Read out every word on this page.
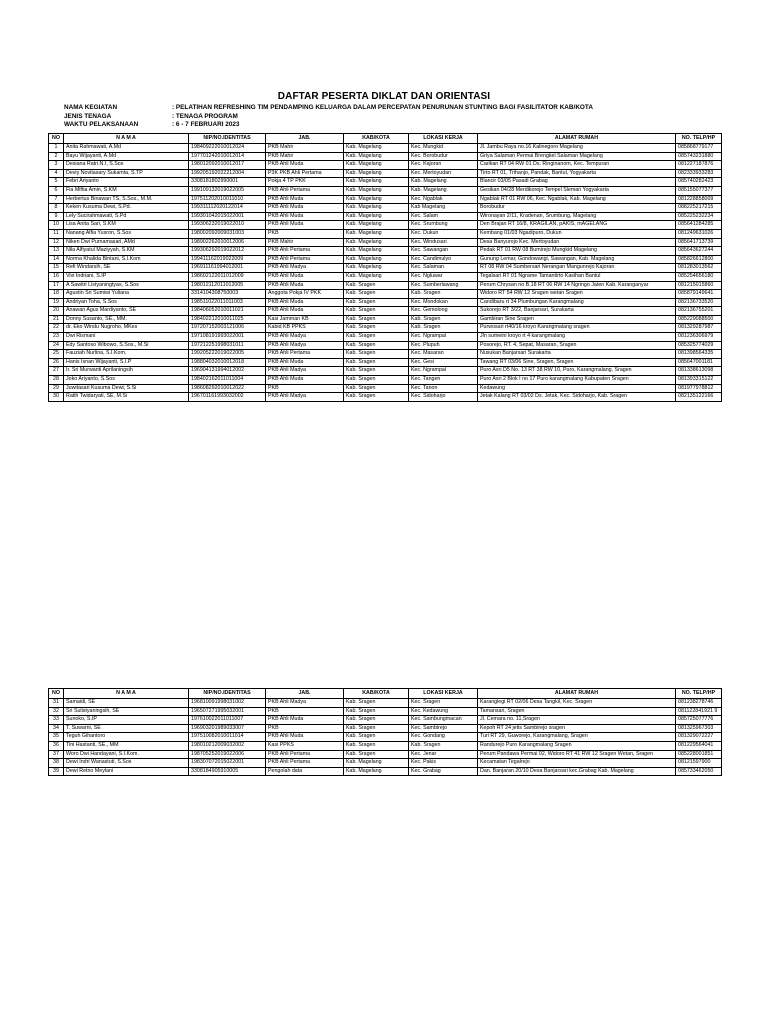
DAFTAR PESERTA DIKLAT DAN ORIENTASI
NAMA KEGIATAN	: PELATIHAN REFRESHING TIM PENDAMPING KELUARGA DALAM PERCEPATAN PENURUNAN STUNTING BAGI FASILITATOR KAB/KOTA
JENIS TENAGA	: TENAGA PROGRAM
WAKTU PELAKSANAAN	: 6 - 7 FEBRUARI 2023
NO	N A M A	NIP/NO.IDENTITAS	JAB.	KAB/KOTA	LOKASI KERJA	ALAMAT RUMAH	NO. TELP/HP
1	Anita Rahmawati, A.Md	198409222010012024	PKB Mahir	Kab. Magelang	Kec. Mungkid	Jl. Jambu Raya no.16 Kalinegoro Magelang	085868779177
2	Bayu Wijayanti, A.Md	197701242010012014	PKB Mahir	Kab. Magelang	Kec. Borobudur	Griya Salaman Permai Brengkel Salaman Magelang	085743231880
3	Desiana Ratri.N.I, S.Sos	198012092010012017	PKB Ahli Muda	Kab. Magelang	Kec. Kajoran	Carikan RT 04 RW 01 Ds. Ringinanom, Kec. Tempuran	081227187876
4	Deviy Novitasary Sukamta, S.TP	199205192022212004	P3K PKB Ahli Pertama	Kab. Magelang	Kec. Mertoyudan	Tirto RT 01, Trihanjo, Pandak, Bantul, Yogyakarta	082333933283
5	Febri Ariyanto	3308181802990001	Pokja 4 TP PKK	Kab. Magelang	Kab. Magelang	Blancir 03/05 Pasadi Grabag	085740282423
6	Fia Miftia Amin, S.KM	199109132019022005	PKB Ahli Pertama	Kab. Magelang	Kab. Magelang	Gesikan 04/28 Merdikorejo Tempel Sleman Yogyakarta	085155077377
7	Herbertus Binawan TS, S.Sos., M.M.	197511202010011010	PKB Ahli Muda	Kab. Magelang	Kec. Ngablak	Ngablak RT 01 RW 06, Kec. Ngablak, Kab. Magelang	081228858009
8	Keken Kusuma Dewi, S.Pd.	199311112020122014	PKB Ahli Muda	Kab. Magelang	Kab Magelang	Borobudur	088225217215
9	Lely Sucirahmawati, S.Pd	199301042015022001	PKB Ahli Muda	Kab. Magelang	Kec. Salam	Wironayan 2/11, Kradenan, Srumbung, Magelang	085225232234
10	Lisa Anita Sari, S.KM	199306232019022010	PKB Ahli Muda	Kab. Magelang	Kec. Srumbung	Den Brajan RT 16/8, KRAGILAN, pAKIS, mAGELANG	085641284285
11	Nanang Alfia Yusron, S.Sos	198002092009031003	PKB	Kab. Magelang	Kec. Dukun	Kembang 01/03 Ngadipuro, Dukun	081249631026
12	Niken Dwi Purnamasari, AMd	198902262010012006	PKB Mahir	Kab. Magelang	Kec. Windusari	Desa Banyurojo Kec. Mertoyudan	085641713739
13	Nila Alfiyatul Maziyyah, S.KM	199306292019022012	PKB Ahli Pertama	Kab. Magelang	Kec. Sawangan	Pedak RT 01 RW 08 Bumirejo Mungkid Magelang	085643627244
14	Norma Khalida Bintani, S.I.Kom	199411162019022009	PKB Ahli Pertama	Kab. Magelang	Kec. Candimulyo	Gunung Lemar, Gondowangi, Sawangan, Kab. Magelang	085826612800
15	Refi Windarsih, SE	196911161994012001	PKB Ahli Madya	Kab. Magelang	Kec. Salaman	RT 08 RW 04 Sumbersari Nerangan Mangunrejo Kajoran	081283013562
16	Vivi Indriani, S.IP	198602122011012009	PKB Ahli Muda	Kab. Magelang	Kec. Ngluwar	Tegalsari RT 01 Ngrame Tamantirto Kasihan Bantul	085254656180
17	A Sawitri Listyaningtyas, S.Sos	198012112011012005	PKB Ahli Muda	Kab. Sragen	Kec. Sumberlawang	Perum Chrysan no B.18 RT 06 RW 14 Ngringo Jaten Kab. Karanganyar	081215015860
18	Agustin Sri Sumiwi Yuliana	3314104308750003	Anggota Pokja IV PKK	Kab. Sragen	Kab. Sragen	Widoro RT 54 RW 12 Sragen wetan Sragen	085879149641
19	Andriyan Toha, S.Sos	198511022011011003	PKB Ahli Muda	Kab. Sragen	Kec. Mondokan	Candibaru rt 34 Plumbungan Karangmalang	082136733520
20	Anawan Agus Mardiyanto, SE	198406052010011021	PKB Ahli Muda	Kab. Sragen	Kec. Gemolong	Sukorejo RT 3/22, Banjarsari, Surakarta	082136755201
21	Donny Susanto, SE., MM.	198402212010011025	Kasi Jamman KB	Kab. Sragen	Kab. Sragen	Gambiran Sine Sragen	085229088500
22	dr. Eko Windu Nugroho, MKes	197207152003121006	Kabid KB PPKS	Kab. Sragen	Kab. Sragen	Purwosari rt40/16 kroyo Karangmalang sragen	081329287987
23	Dwi Rismani	197108191993022001	PKB Ahli Madya	Kab. Sragen	Kec. Ngrampal	Jln sumeini kroyo rt 4 karangmalang	081236306979
24	Edy Santoso Wibowo, S.Sos., M.Si	197212251998031011	PKB Ahli Madya	Kab. Sragen	Kec. Plupuh	Posorejo, RT. 4, Sepat, Masaran, Sragen	085325774029
25	Fauziah Nurlina, S.I.Kom.	199205222019022005	PKB Ahli Pertama	Kab. Sragen	Kec. Masaran	Nusukan Banjarsari Surakarta	081398564335
26	Hanis Isnan Wijayanti, S.I.P	198804032010012018	PKB Ahli Muda	Kab. Sragen	Kec. Gesi	Tawang RT 03/06 Sine, Sragen, Sragen	085647001181
27	Ir. Sri Murwanti Aprilaningsih	196904131994012002	PKB Ahli Madya	Kab. Sragen	Kec. Ngrampal	Puro Asri D5 No. 13 RT 38 RW 10, Puro, Karangmalang, Sragen	081338613098
28	Joko Ariyanto, S.Sos	198402162011011004	PKB Ahli Muda	Kab. Sragen	Kec. Tangen	Puro Asri 2 Blok I no 17 Puro karangmalang Kabupaten Sragen	081393315122
29	Juwitasari Kusuma Dewi, S.Si	198608292010012022	PKB	Kab. Sragen	Kec. Tanon	Kedawung	081977978812
30	Ratih Twidaryati, SE, M.Si	196701161993032002	PKB Ahli Madya	Kab. Sragen	Kec. Sidoharjo	Jetak Kalang RT 03/02 Ds. Jetak, Kec. Sidoharjo, Kab. Sragen	082135122166
NO	N A M A	NIP/NO.IDENTITAS	JAB.	KAB/KOTA	LOKASI KERJA	ALAMAT RUMAH	NO. TELP/HP
31	Samaidi, SE	196810091998031002	PKB Ahli Madya	Kab. Sragen	Kec. Sragen	Karanglegi RT 02/06 Desa Tangkil, Kec. Sragen	081238278746
32	Sri Sulistyaningsih, SE	196507271995032001	PKB	Kab. Sragen	Kec. Kedawung	Tamansari, Sragen	081122841921 9
33	Sunoko, S.IP	197610022011011007	PKB Ahli Muda	Kab. Sragen	Kec. Sambungmacan	Jl. Cemara no. 11,Sragen	085725077776
34	T. Suwarni, SE	196903201989033007	PKB	Kab. Sragen	Kec. Sambirejo	Kepoh RT 24 jetis Sambirejo sragen	081325967303
35	Teguh Gihantoro	197510082010011014	PKB Ahli Muda	Kab. Sragen	Kec. Gondang	Turi RT 29, Guworejo, Karangmalang, Sragen	081329072227
36	Tini Hastanti, SE., MM	198010212009032002	Kasi PPKS	Kab. Sragen	Kab. Sragen	Randurejo Puro Karangmalang Sragen	081229564041
37	Woro Dwi Handayani, S.I.Kom.	198705252019022006	PKB Ahli Pertama	Kab. Sragen	Kec. Jenar	Perum Pandawa Permai 02, Widoro RT 41 RW 12 Sragen Wetan, Sragen	085228001851
38	Dewi Indri Wanastuti, S.Sos	198307072015022001	PKB Ahli Pertama	Kab. Magelang	Kec. Pakis	Kecamatan Tegalrejo	08121597900
39	Dewi Retno Meylani	3308184905910005	Pengolah data	Kab. Magelang	Kec. Grabag	Dan. Banjaran 20/10 Desa Banjarsari kec.Grabag Kab. Magelang	085733462050
